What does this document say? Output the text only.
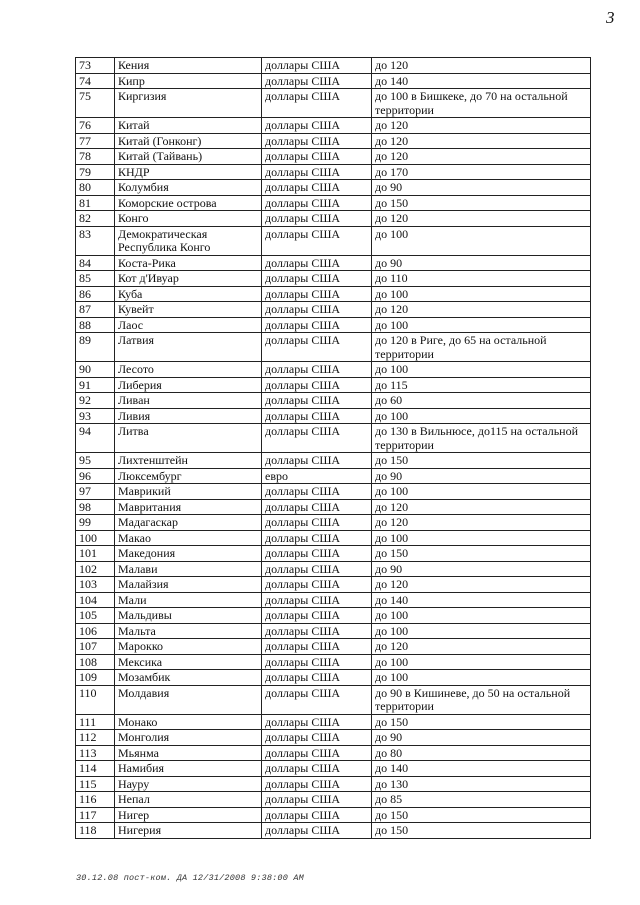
3
73	Кения	доллары США	до 120
74	Кипр	доллары США	до 140
75	Киргизия	доллары США	до 100 в Бишкеке, до 70 на остальной территории
76	Китай	доллары США	до 120
77	Китай (Гонконг)	доллары США	до 120
78	Китай (Тайвань)	доллары США	до 120
79	КНДР	доллары США	до 170
80	Колумбия	доллары США	до 90
81	Коморские острова	доллары США	до 150
82	Конго	доллары США	до 120
83	Демократическая Республика Конго	доллары США	до 100
84	Коста-Рика	доллары США	до 90
85	Кот д'Ивуар	доллары США	до 110
86	Куба	доллары США	до 100
87	Кувейт	доллары США	до 120
88	Лаос	доллары США	до 100
89	Латвия	доллары США	до 120 в Риге, до 65 на остальной территории
90	Лесото	доллары США	до 100
91	Либерия	доллары США	до 115
92	Ливан	доллары США	до 60
93	Ливия	доллары США	до 100
94	Литва	доллары США	до 130 в Вильнюсе, до115 на остальной территории
95	Лихтенштейн	доллары США	до 150
96	Люксембург	евро	до 90
97	Маврикий	доллары США	до 100
98	Мавритания	доллары США	до 120
99	Мадагаскар	доллары США	до 120
100	Макао	доллары США	до 100
101	Македония	доллары США	до 150
102	Малави	доллары США	до 90
103	Малайзия	доллары США	до 120
104	Мали	доллары США	до 140
105	Мальдивы	доллары США	до 100
106	Мальта	доллары США	до 100
107	Марокко	доллары США	до 120
108	Мексика	доллары США	до 100
109	Мозамбик	доллары США	до 100
110	Молдавия	доллары США	до 90 в Кишиневе, до 50 на остальной территории
111	Монако	доллары США	до 150
112	Монголия	доллары США	до 90
113	Мьянма	доллары США	до 80
114	Намибия	доллары США	до 140
115	Науру	доллары США	до 130
116	Непал	доллары США	до 85
117	Нигер	доллары США	до 150
118	Нигерия	доллары США	до 150
30.12.08 пост-ком. ДА 12/31/2008 9:38:00 AM
